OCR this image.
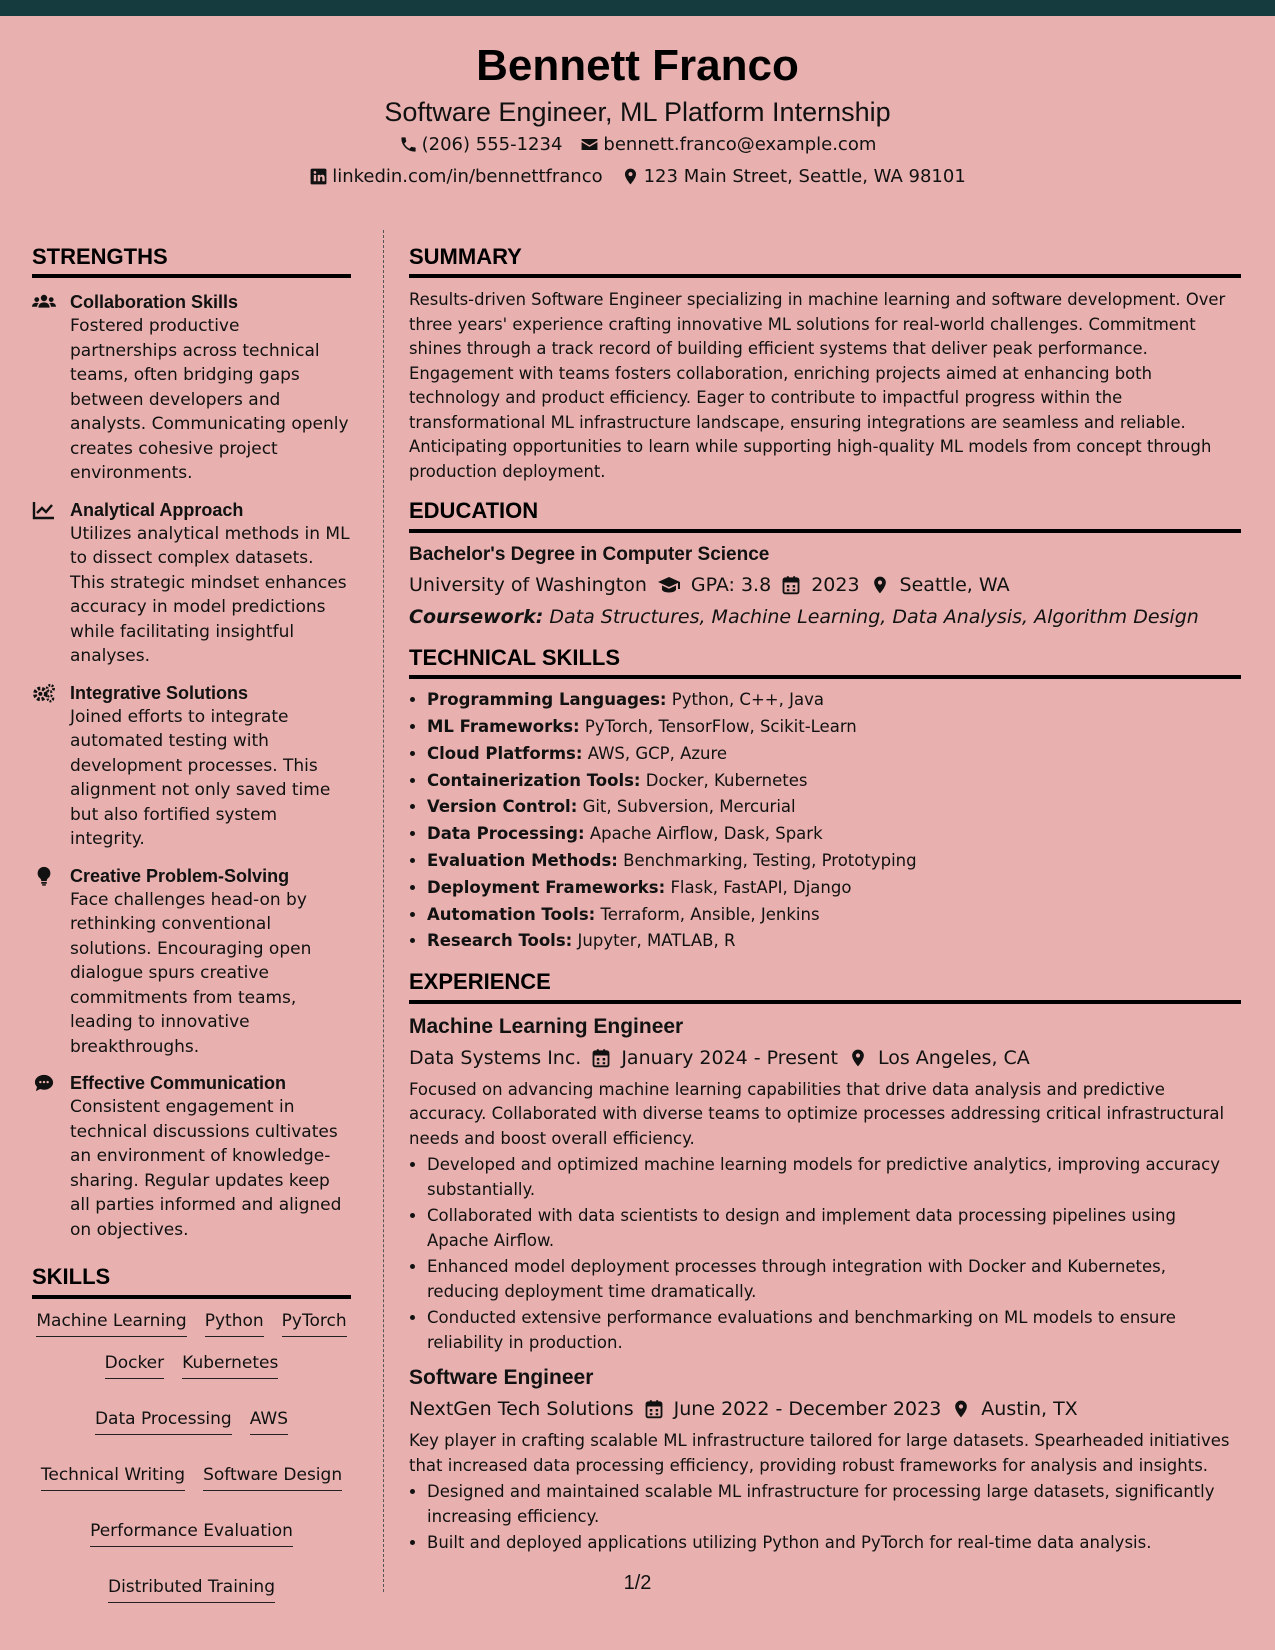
Bennett Franco
Software Engineer, ML Platform Internship
(206) 555-1234 bennett.franco@example.com
linkedin.com/in/bennettfranco 123 Main Street, Seattle, WA 98101
STRENGTHS
Collaboration Skills
Fostered productive partnerships across technical teams, often bridging gaps between developers and analysts. Communicating openly creates cohesive project environments.
Analytical Approach
Utilizes analytical methods in ML to dissect complex datasets. This strategic mindset enhances accuracy in model predictions while facilitating insightful analyses.
Integrative Solutions
Joined efforts to integrate automated testing with development processes. This alignment not only saved time but also fortified system integrity.
Creative Problem-Solving
Face challenges head-on by rethinking conventional solutions. Encouraging open dialogue spurs creative commitments from teams, leading to innovative breakthroughs.
Effective Communication
Consistent engagement in technical discussions cultivates an environment of knowledge-sharing. Regular updates keep all parties informed and aligned on objectives.
SKILLS
Machine Learning Python PyTorch
Docker Kubernetes
Data Processing AWS
Technical Writing Software Design
Performance Evaluation
Distributed Training
SUMMARY
Results-driven Software Engineer specializing in machine learning and software development. Over three years' experience crafting innovative ML solutions for real-world challenges. Commitment shines through a track record of building efficient systems that deliver peak performance. Engagement with teams fosters collaboration, enriching projects aimed at enhancing both technology and product efficiency. Eager to contribute to impactful progress within the transformational ML infrastructure landscape, ensuring integrations are seamless and reliable. Anticipating opportunities to learn while supporting high-quality ML models from concept through production deployment.
EDUCATION
Bachelor's Degree in Computer Science
University of Washington GPA: 3.8 2023 Seattle, WA
Coursework: Data Structures, Machine Learning, Data Analysis, Algorithm Design
TECHNICAL SKILLS
• Programming Languages: Python, C++, Java
• ML Frameworks: PyTorch, TensorFlow, Scikit-Learn
• Cloud Platforms: AWS, GCP, Azure
• Containerization Tools: Docker, Kubernetes
• Version Control: Git, Subversion, Mercurial
• Data Processing: Apache Airflow, Dask, Spark
• Evaluation Methods: Benchmarking, Testing, Prototyping
• Deployment Frameworks: Flask, FastAPI, Django
• Automation Tools: Terraform, Ansible, Jenkins
• Research Tools: Jupyter, MATLAB, R
EXPERIENCE
Machine Learning Engineer
Data Systems Inc. January 2024 - Present Los Angeles, CA
Focused on advancing machine learning capabilities that drive data analysis and predictive accuracy. Collaborated with diverse teams to optimize processes addressing critical infrastructural needs and boost overall efficiency.
• Developed and optimized machine learning models for predictive analytics, improving accuracy substantially.
• Collaborated with data scientists to design and implement data processing pipelines using Apache Airflow.
• Enhanced model deployment processes through integration with Docker and Kubernetes, reducing deployment time dramatically.
• Conducted extensive performance evaluations and benchmarking on ML models to ensure reliability in production.
Software Engineer
NextGen Tech Solutions June 2022 - December 2023 Austin, TX
Key player in crafting scalable ML infrastructure tailored for large datasets. Spearheaded initiatives that increased data processing efficiency, providing robust frameworks for analysis and insights.
• Designed and maintained scalable ML infrastructure for processing large datasets, significantly increasing efficiency.
• Built and deployed applications utilizing Python and PyTorch for real-time data analysis.
1/2
